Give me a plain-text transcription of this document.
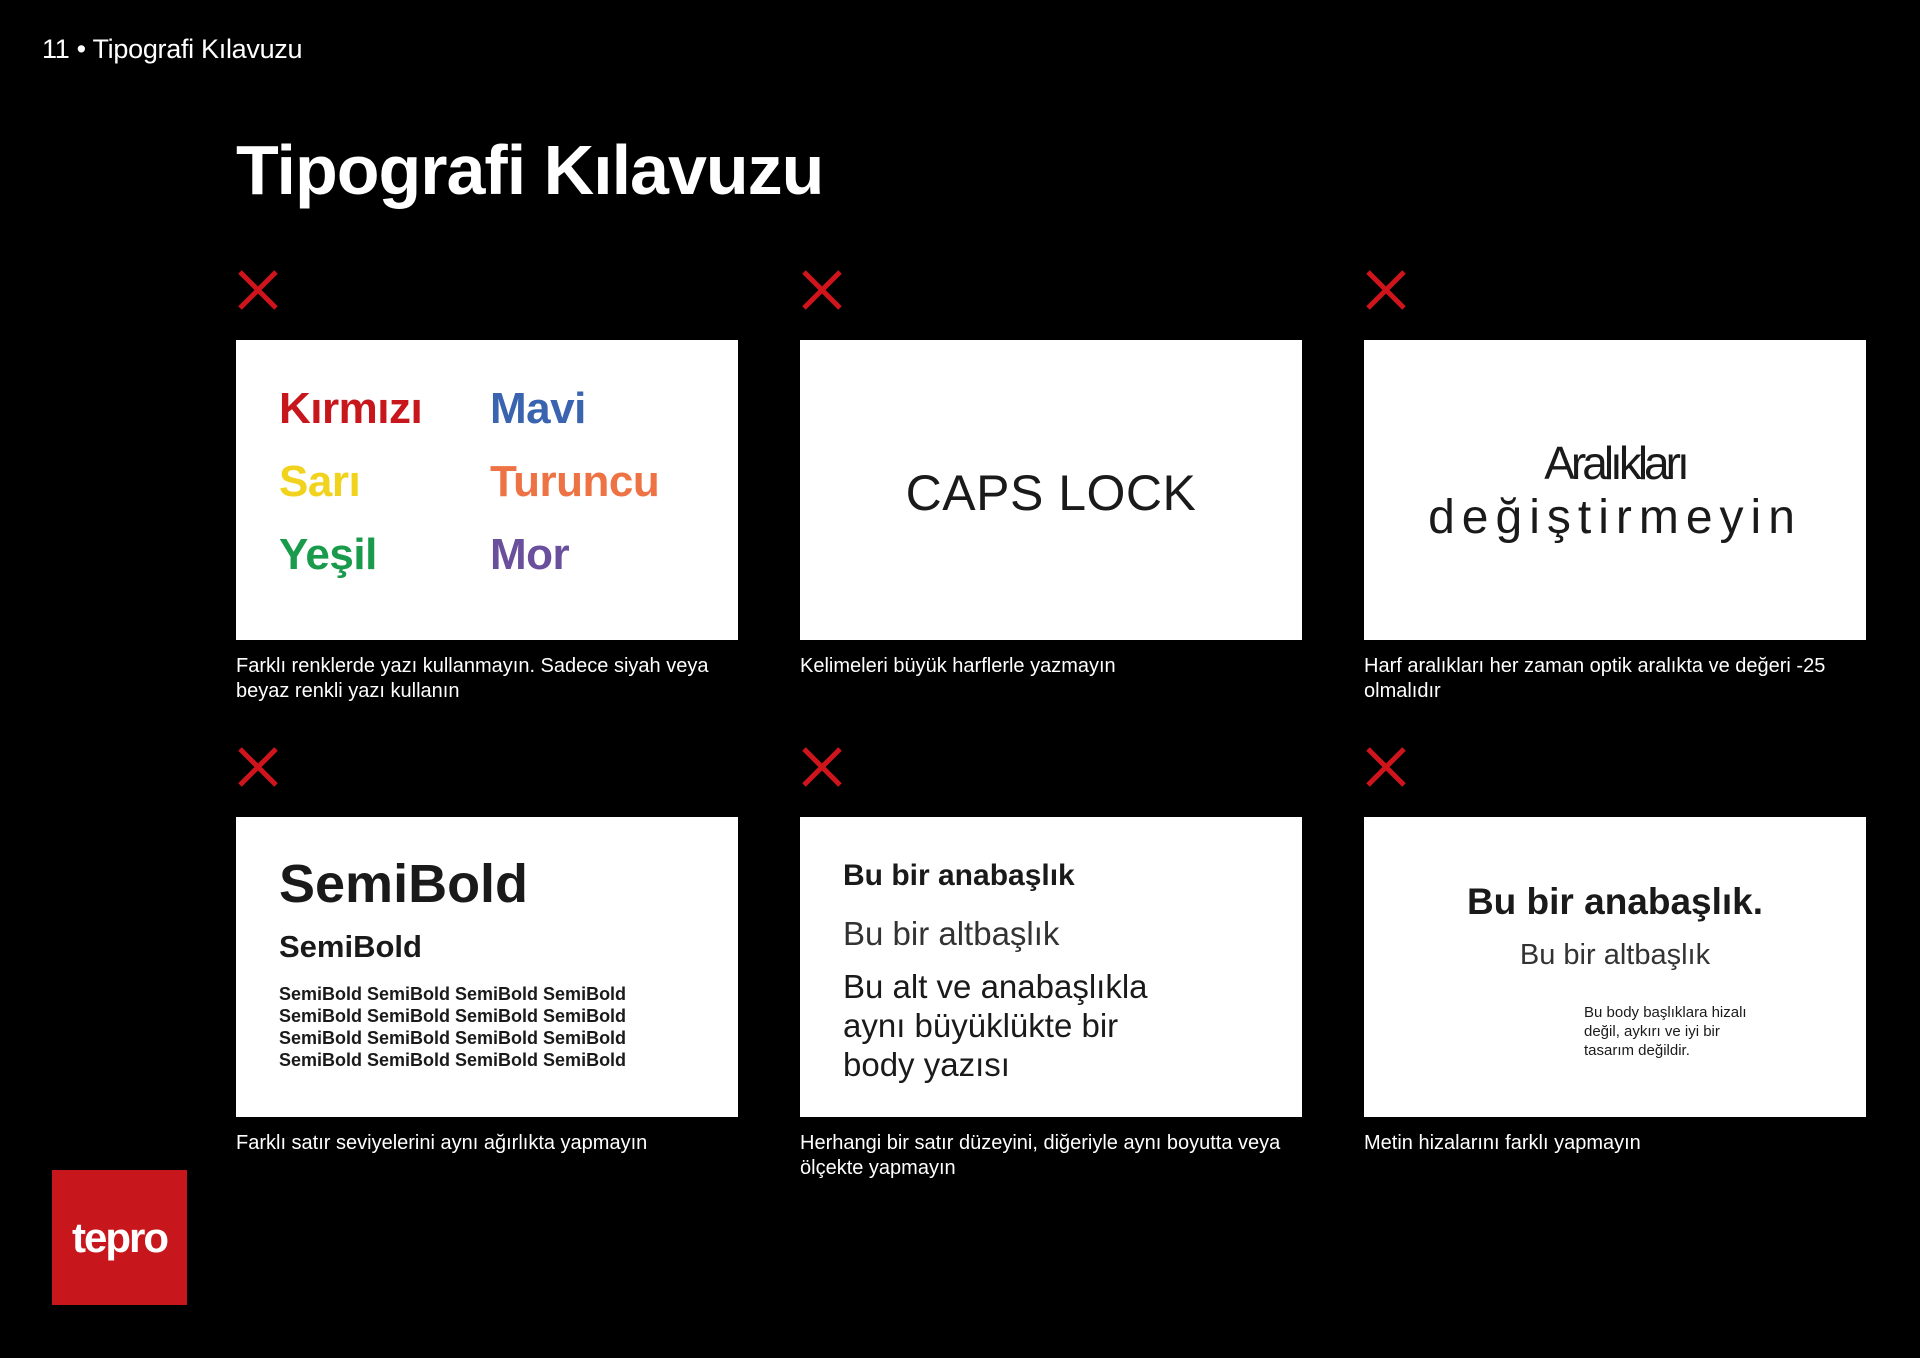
11 • Tipografi Kılavuzu
Tipografi Kılavuzu
Kırmızı Mavi
Sarı	Turuncu
Yeşil	Mor
Farklı renklerde yazı kullanmayın. Sadece siyah veya beyaz renkli yazı kullanın
CAPS LOCK
Kelimeleri büyük harflerle yazmayın
Aralıkları
değiştirmeyin
Harf aralıkları her zaman optik aralıkta ve değeri -25 olmalıdır
SemiBold
SemiBold
SemiBold SemiBold SemiBold SemiBold
SemiBold SemiBold SemiBold SemiBold
SemiBold SemiBold SemiBold SemiBold
SemiBold SemiBold SemiBold SemiBold
Farklı satır seviyelerini aynı ağırlıkta yapmayın
Bu bir anabaşlık
Bu bir altbaşlık
Bu alt ve anabaşlıkla
aynı büyüklükte bir
body yazısı
Herhangi bir satır düzeyini, diğeriyle aynı boyutta veya ölçekte yapmayın
Bu bir anabaşlık.
Bu bir altbaşlık
Bu body başlıklara hizalı
değil, aykırı ve iyi bir
tasarım değildir.
Metin hizalarını farklı yapmayın
tepro
